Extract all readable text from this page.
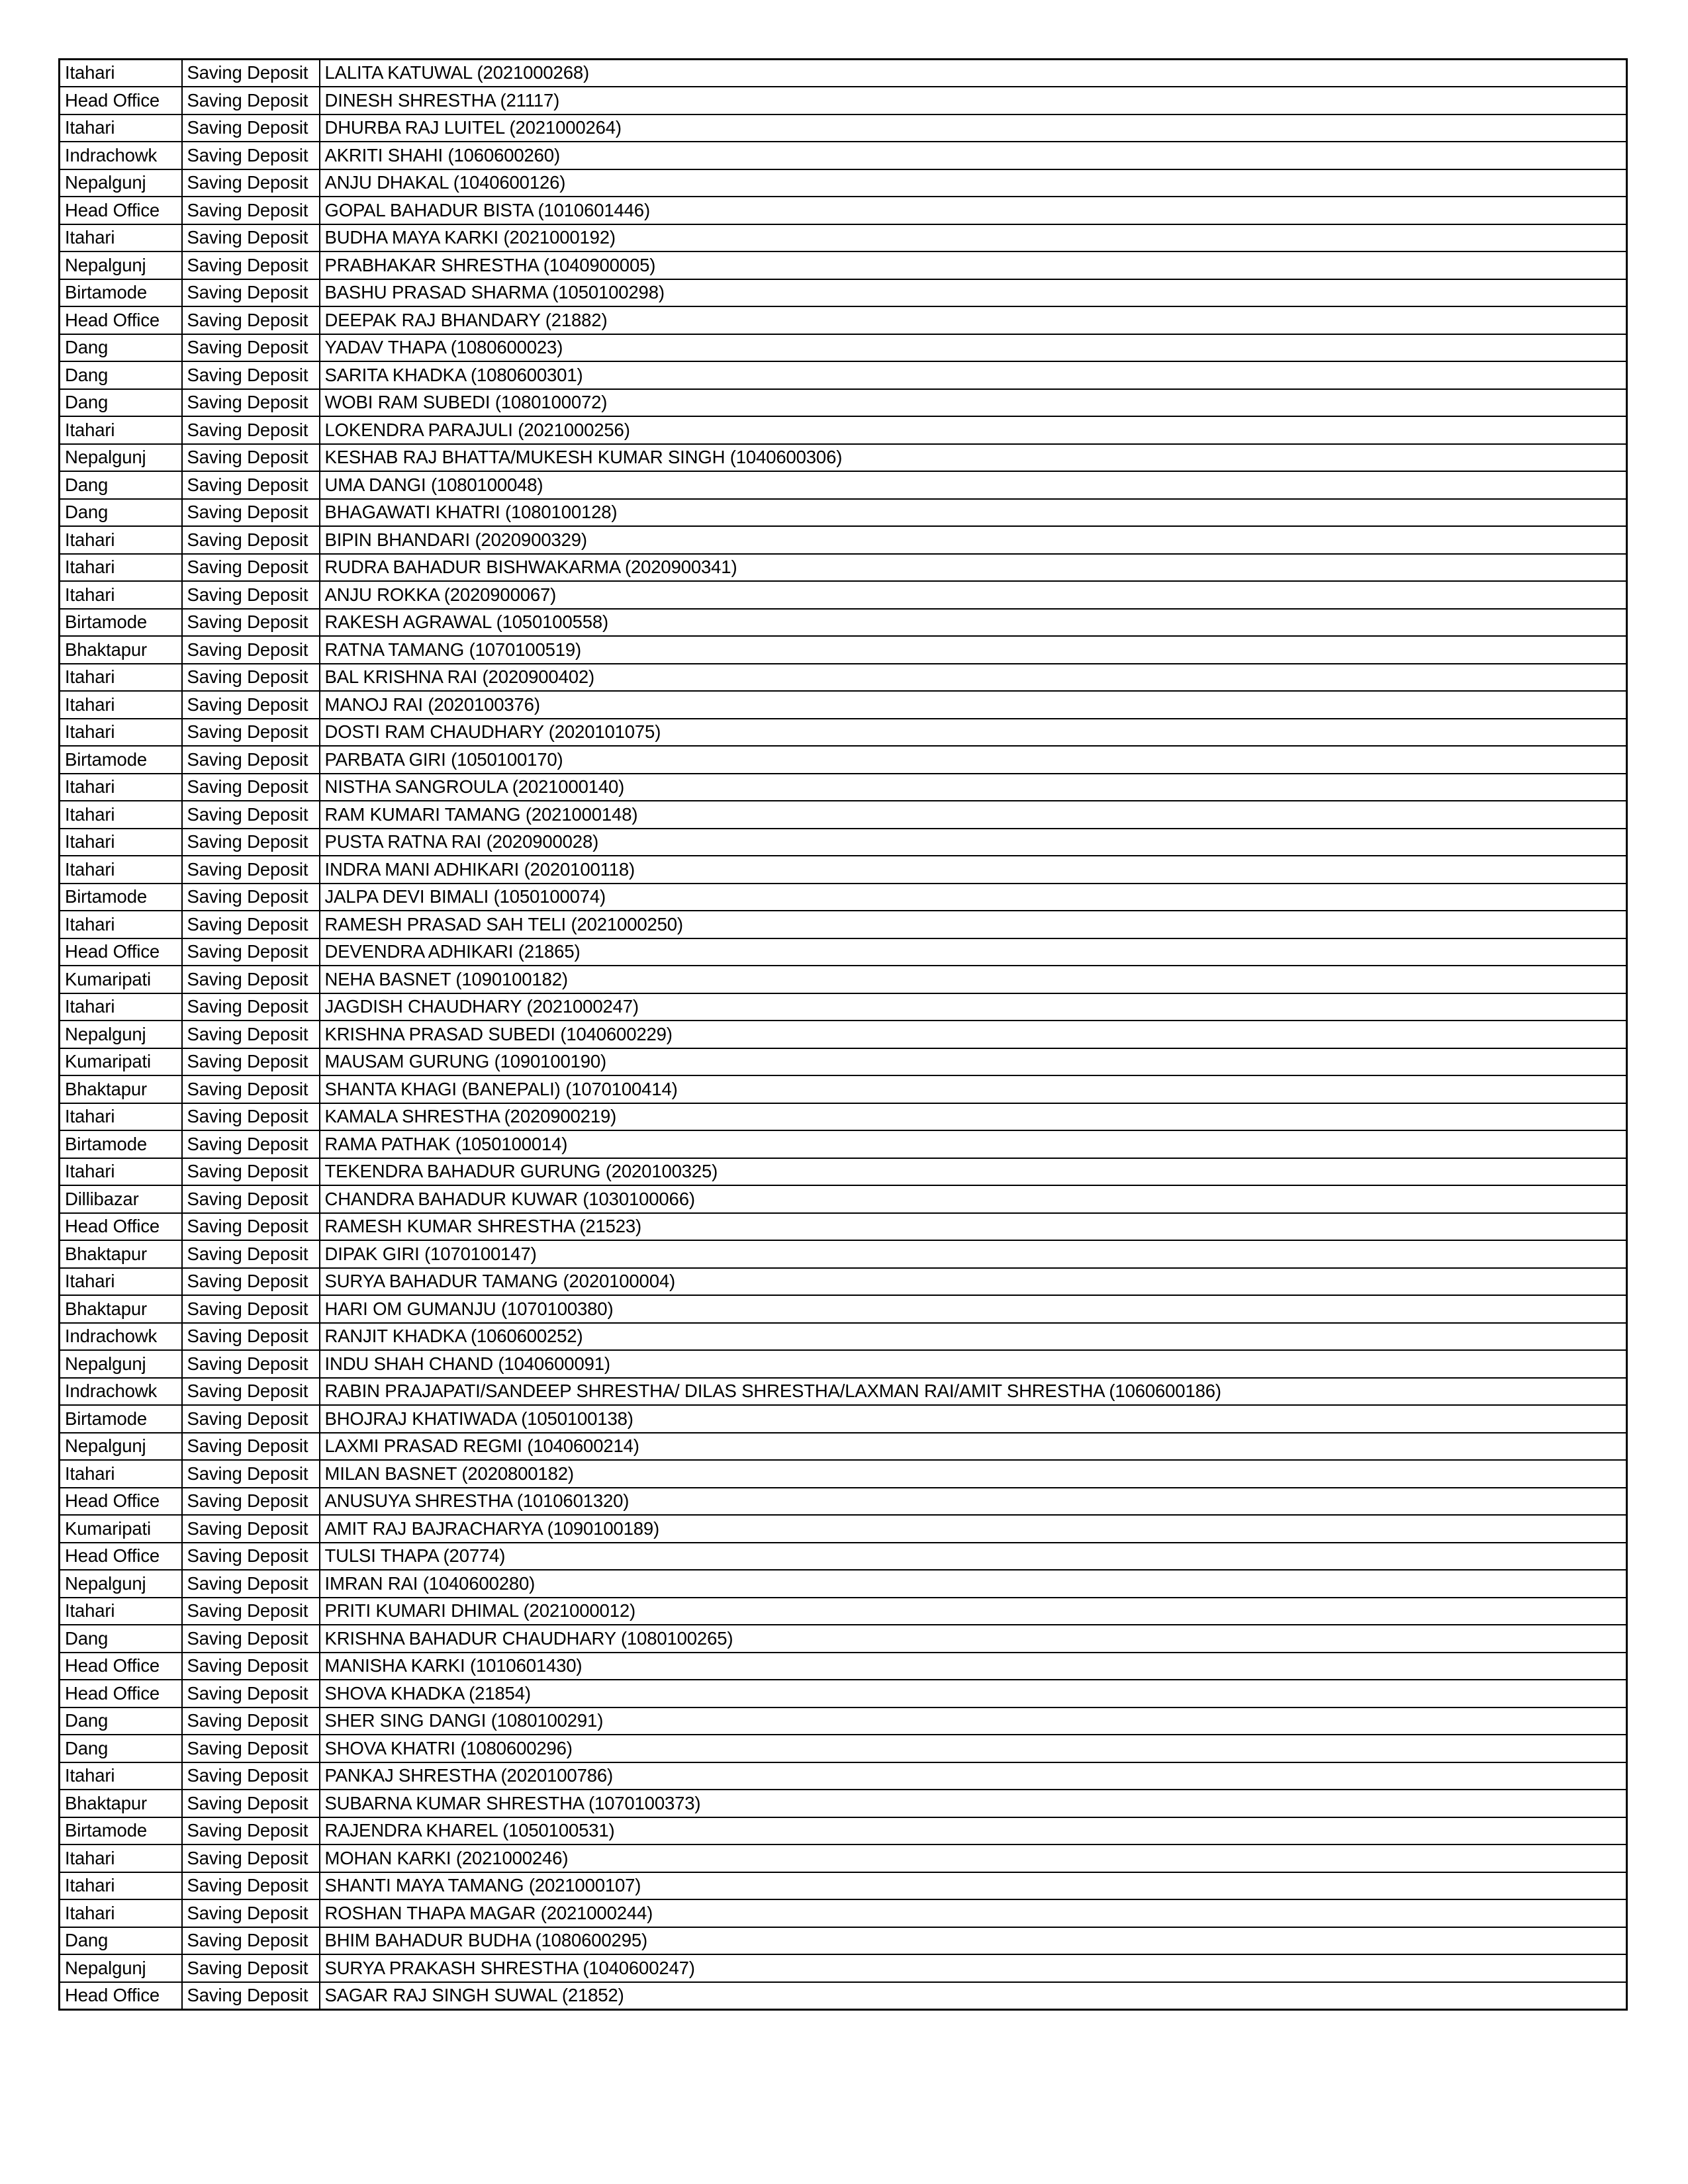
Itahari	Saving Deposit	LALITA KATUWAL (2021000268)
Head Office	Saving Deposit	DINESH SHRESTHA (21117)
Itahari	Saving Deposit	DHURBA RAJ LUITEL (2021000264)
Indrachowk	Saving Deposit	AKRITI SHAHI (1060600260)
Nepalgunj	Saving Deposit	ANJU DHAKAL (1040600126)
Head Office	Saving Deposit	GOPAL BAHADUR BISTA (1010601446)
Itahari	Saving Deposit	BUDHA MAYA KARKI (2021000192)
Nepalgunj	Saving Deposit	PRABHAKAR SHRESTHA (1040900005)
Birtamode	Saving Deposit	BASHU PRASAD SHARMA (1050100298)
Head Office	Saving Deposit	DEEPAK RAJ BHANDARY (21882)
Dang	Saving Deposit	YADAV THAPA (1080600023)
Dang	Saving Deposit	SARITA KHADKA (1080600301)
Dang	Saving Deposit	WOBI RAM SUBEDI (1080100072)
Itahari	Saving Deposit	LOKENDRA PARAJULI (2021000256)
Nepalgunj	Saving Deposit	KESHAB RAJ BHATTA/MUKESH KUMAR SINGH (1040600306)
Dang	Saving Deposit	UMA DANGI (1080100048)
Dang	Saving Deposit	BHAGAWATI KHATRI (1080100128)
Itahari	Saving Deposit	BIPIN BHANDARI (2020900329)
Itahari	Saving Deposit	RUDRA BAHADUR BISHWAKARMA (2020900341)
Itahari	Saving Deposit	ANJU ROKKA (2020900067)
Birtamode	Saving Deposit	RAKESH AGRAWAL (1050100558)
Bhaktapur	Saving Deposit	RATNA TAMANG (1070100519)
Itahari	Saving Deposit	BAL KRISHNA RAI (2020900402)
Itahari	Saving Deposit	MANOJ RAI (2020100376)
Itahari	Saving Deposit	DOSTI RAM CHAUDHARY (2020101075)
Birtamode	Saving Deposit	PARBATA GIRI (1050100170)
Itahari	Saving Deposit	NISTHA SANGROULA (2021000140)
Itahari	Saving Deposit	RAM KUMARI TAMANG (2021000148)
Itahari	Saving Deposit	PUSTA RATNA RAI (2020900028)
Itahari	Saving Deposit	INDRA MANI ADHIKARI (2020100118)
Birtamode	Saving Deposit	JALPA DEVI BIMALI (1050100074)
Itahari	Saving Deposit	RAMESH PRASAD SAH TELI (2021000250)
Head Office	Saving Deposit	DEVENDRA ADHIKARI (21865)
Kumaripati	Saving Deposit	NEHA BASNET (1090100182)
Itahari	Saving Deposit	JAGDISH CHAUDHARY (2021000247)
Nepalgunj	Saving Deposit	KRISHNA PRASAD SUBEDI (1040600229)
Kumaripati	Saving Deposit	MAUSAM GURUNG (1090100190)
Bhaktapur	Saving Deposit	SHANTA KHAGI (BANEPALI) (1070100414)
Itahari	Saving Deposit	KAMALA SHRESTHA (2020900219)
Birtamode	Saving Deposit	RAMA PATHAK (1050100014)
Itahari	Saving Deposit	TEKENDRA BAHADUR GURUNG (2020100325)
Dillibazar	Saving Deposit	CHANDRA BAHADUR KUWAR (1030100066)
Head Office	Saving Deposit	RAMESH KUMAR SHRESTHA (21523)
Bhaktapur	Saving Deposit	DIPAK GIRI (1070100147)
Itahari	Saving Deposit	SURYA BAHADUR TAMANG (2020100004)
Bhaktapur	Saving Deposit	HARI OM GUMANJU (1070100380)
Indrachowk	Saving Deposit	RANJIT KHADKA (1060600252)
Nepalgunj	Saving Deposit	INDU SHAH CHAND (1040600091)
Indrachowk	Saving Deposit	RABIN PRAJAPATI/SANDEEP SHRESTHA/ DILAS SHRESTHA/LAXMAN RAI/AMIT SHRESTHA (1060600186)
Birtamode	Saving Deposit	BHOJRAJ KHATIWADA (1050100138)
Nepalgunj	Saving Deposit	LAXMI PRASAD REGMI (1040600214)
Itahari	Saving Deposit	MILAN BASNET (2020800182)
Head Office	Saving Deposit	ANUSUYA SHRESTHA (1010601320)
Kumaripati	Saving Deposit	AMIT RAJ BAJRACHARYA (1090100189)
Head Office	Saving Deposit	TULSI THAPA (20774)
Nepalgunj	Saving Deposit	IMRAN RAI (1040600280)
Itahari	Saving Deposit	PRITI KUMARI DHIMAL (2021000012)
Dang	Saving Deposit	KRISHNA BAHADUR CHAUDHARY (1080100265)
Head Office	Saving Deposit	MANISHA KARKI (1010601430)
Head Office	Saving Deposit	SHOVA KHADKA (21854)
Dang	Saving Deposit	SHER SING DANGI (1080100291)
Dang	Saving Deposit	SHOVA KHATRI (1080600296)
Itahari	Saving Deposit	PANKAJ SHRESTHA (2020100786)
Bhaktapur	Saving Deposit	SUBARNA KUMAR SHRESTHA (1070100373)
Birtamode	Saving Deposit	RAJENDRA KHAREL (1050100531)
Itahari	Saving Deposit	MOHAN KARKI (2021000246)
Itahari	Saving Deposit	SHANTI MAYA TAMANG (2021000107)
Itahari	Saving Deposit	ROSHAN THAPA MAGAR (2021000244)
Dang	Saving Deposit	BHIM BAHADUR BUDHA (1080600295)
Nepalgunj	Saving Deposit	SURYA PRAKASH SHRESTHA (1040600247)
Head Office	Saving Deposit	SAGAR RAJ SINGH SUWAL (21852)
